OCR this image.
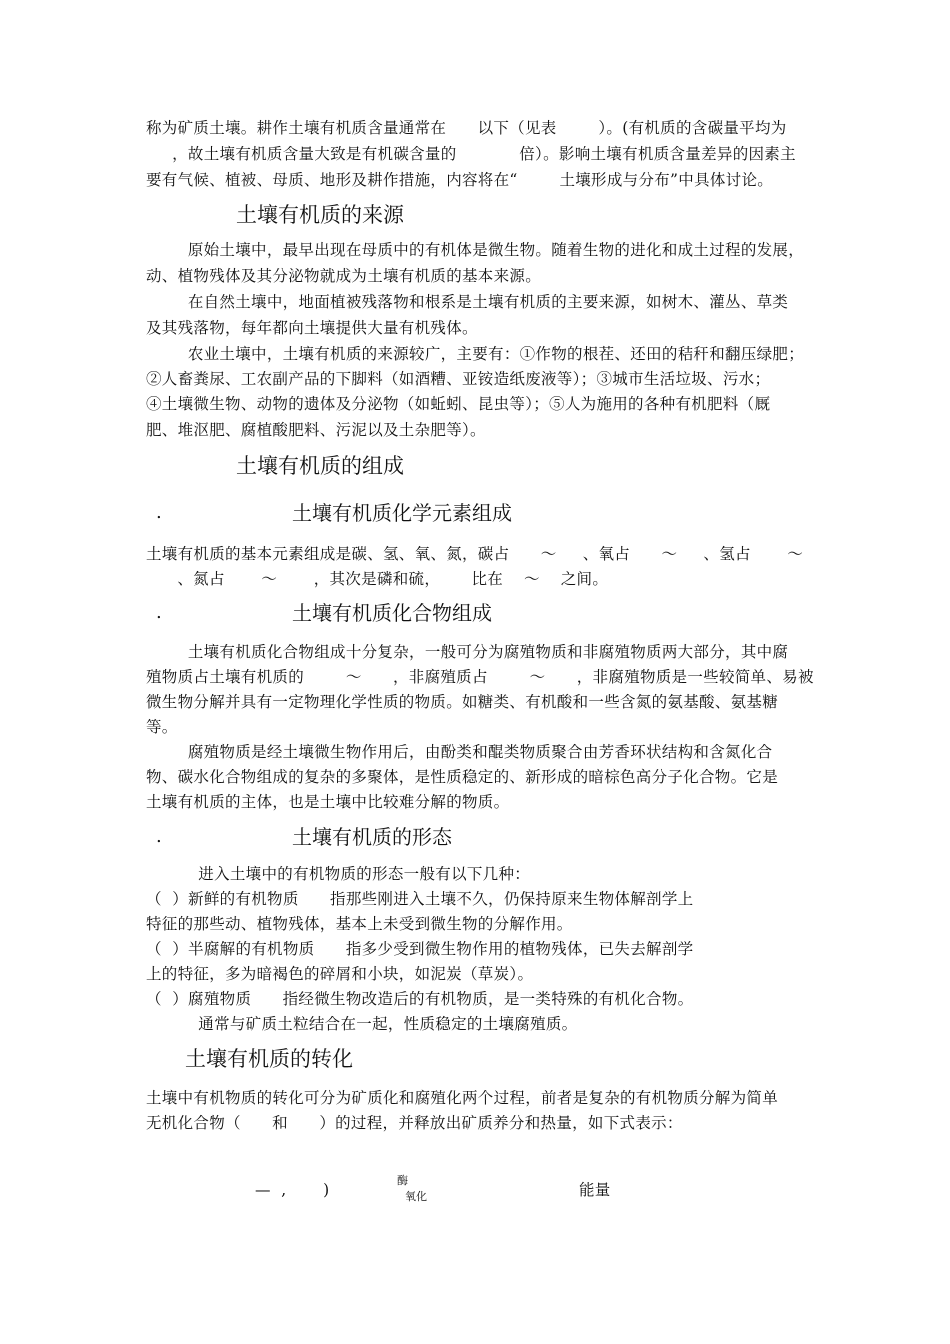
称为矿质土壤。耕作土壤有机质含量通常在      以下（见表        ）。(有机质的含碳量平均为
，故土壤有机质含量大致是有机碳含量的            倍）。影响土壤有机质含量差异的因素主
要有气候、植被、母质、地形及耕作措施，内容将在“        土壤形成与分布”中具体讨论。
土壤有机质的来源
原始土壤中，最早出现在母质中的有机体是微生物。随着生物的进化和成土过程的发展，
动、植物残体及其分泌物就成为土壤有机质的基本来源。
在自然土壤中，地面植被残落物和根系是土壤有机质的主要来源，如树木、灌丛、草类
及其残落物，每年都向土壤提供大量有机残体。
农业土壤中，土壤有机质的来源较广，主要有：①作物的根茬、还田的秸秆和翻压绿肥；
②人畜粪尿、工农副产品的下脚料（如酒糟、亚铵造纸废液等）；③城市生活垃圾、污水；
④土壤微生物、动物的遗体及分泌物（如蚯蚓、昆虫等）；⑤人为施用的各种有机肥料（厩
肥、堆沤肥、腐植酸肥料、污泥以及土杂肥等）。
土壤有机质的组成
.	土壤有机质化学元素组成
土壤有机质的基本元素组成是碳、氢、氧、氮，碳占      ～     、氧占      ～     、氢占       ～
、氮占       ～       ，其次是磷和硫，      比在    ～    之间。
.	土壤有机质化合物组成
土壤有机质化合物组成十分复杂，一般可分为腐殖物质和非腐殖物质两大部分，其中腐
殖物质占土壤有机质的        ～      ，非腐殖质占        ～      ，非腐殖物质是一些较简单、易被
微生物分解并具有一定物理化学性质的物质。如糖类、有机酸和一些含氮的氨基酸、氨基糖
等。
腐殖物质是经土壤微生物作用后，由酚类和醌类物质聚合由芳香环状结构和含氮化合
物、碳水化合物组成的复杂的多聚体，是性质稳定的、新形成的暗棕色高分子化合物。它是
土壤有机质的主体，也是土壤中比较难分解的物质。
.	土壤有机质的形态
进入土壤中的有机物质的形态一般有以下几种：
（  ）新鲜的有机物质      指那些刚进入土壤不久，仍保持原来生物体解剖学上
特征的那些动、植物残体，基本上未受到微生物的分解作用。
（  ）半腐解的有机物质      指多少受到微生物作用的植物残体，已失去解剖学
上的特征，多为暗褐色的碎屑和小块，如泥炭（草炭）。
（  ）腐殖物质      指经微生物改造后的有机物质，是一类特殊的有机化合物。
通常与矿质土粒结合在一起，性质稳定的土壤腐殖质。
土壤有机质的转化
土壤中有机物质的转化可分为矿质化和腐殖化两个过程，前者是复杂的有机物质分解为简单
无机化合物（      和      ）的过程，并释放出矿质养分和热量，如下式表示：
—  ,       )
酶
氧化	能量
